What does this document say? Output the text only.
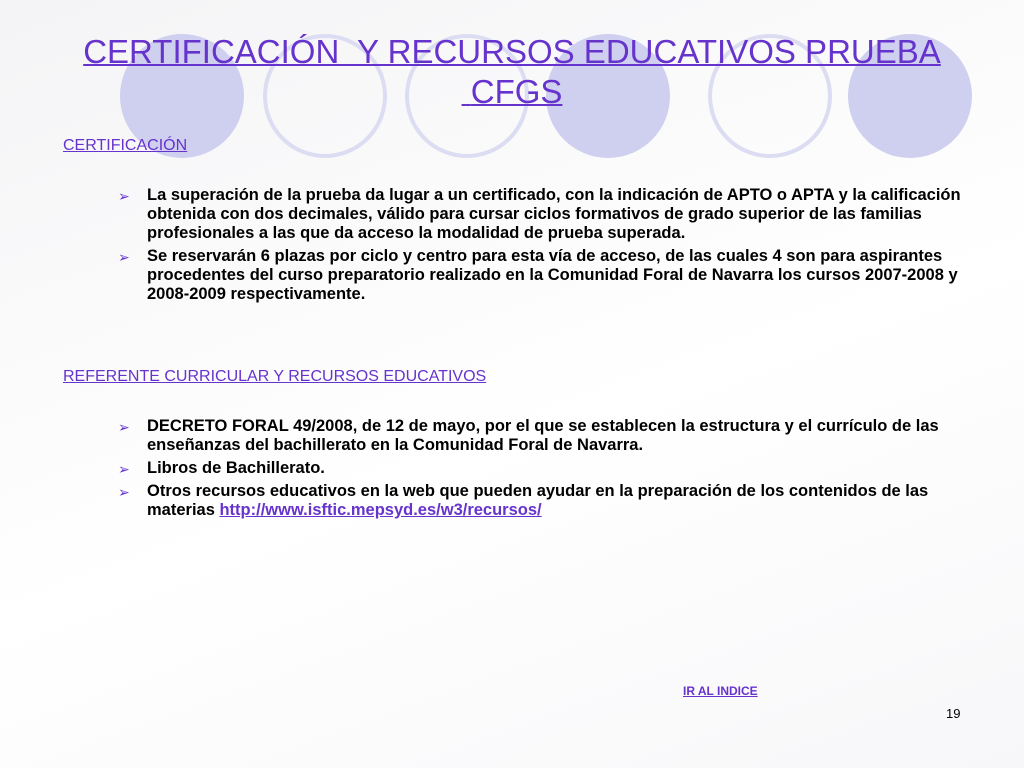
CERTIFICACIÓN  Y RECURSOS EDUCATIVOS PRUEBA
CFGS
CERTIFICACIÓN
➢ La superación de la prueba da lugar a un certificado, con la indicación de APTO o APTA y la calificación obtenida con dos decimales, válido para cursar ciclos formativos de grado superior de las familias profesionales a las que da acceso la modalidad de prueba superada.
➢ Se reservarán 6 plazas por ciclo y centro para esta vía de acceso, de las cuales 4 son para aspirantes procedentes del curso preparatorio realizado en la Comunidad Foral de Navarra los cursos 2007-2008 y 2008-2009 respectivamente.
REFERENTE CURRICULAR Y RECURSOS EDUCATIVOS
➢ DECRETO FORAL 49/2008, de 12 de mayo, por el que se establecen la estructura y el currículo de las enseñanzas del bachillerato en la Comunidad Foral de Navarra.
➢ Libros de Bachillerato.
➢ Otros recursos educativos en la web que pueden ayudar en la preparación de los contenidos de las materias http://www.isftic.mepsyd.es/w3/recursos/
IR AL INDICE
19
